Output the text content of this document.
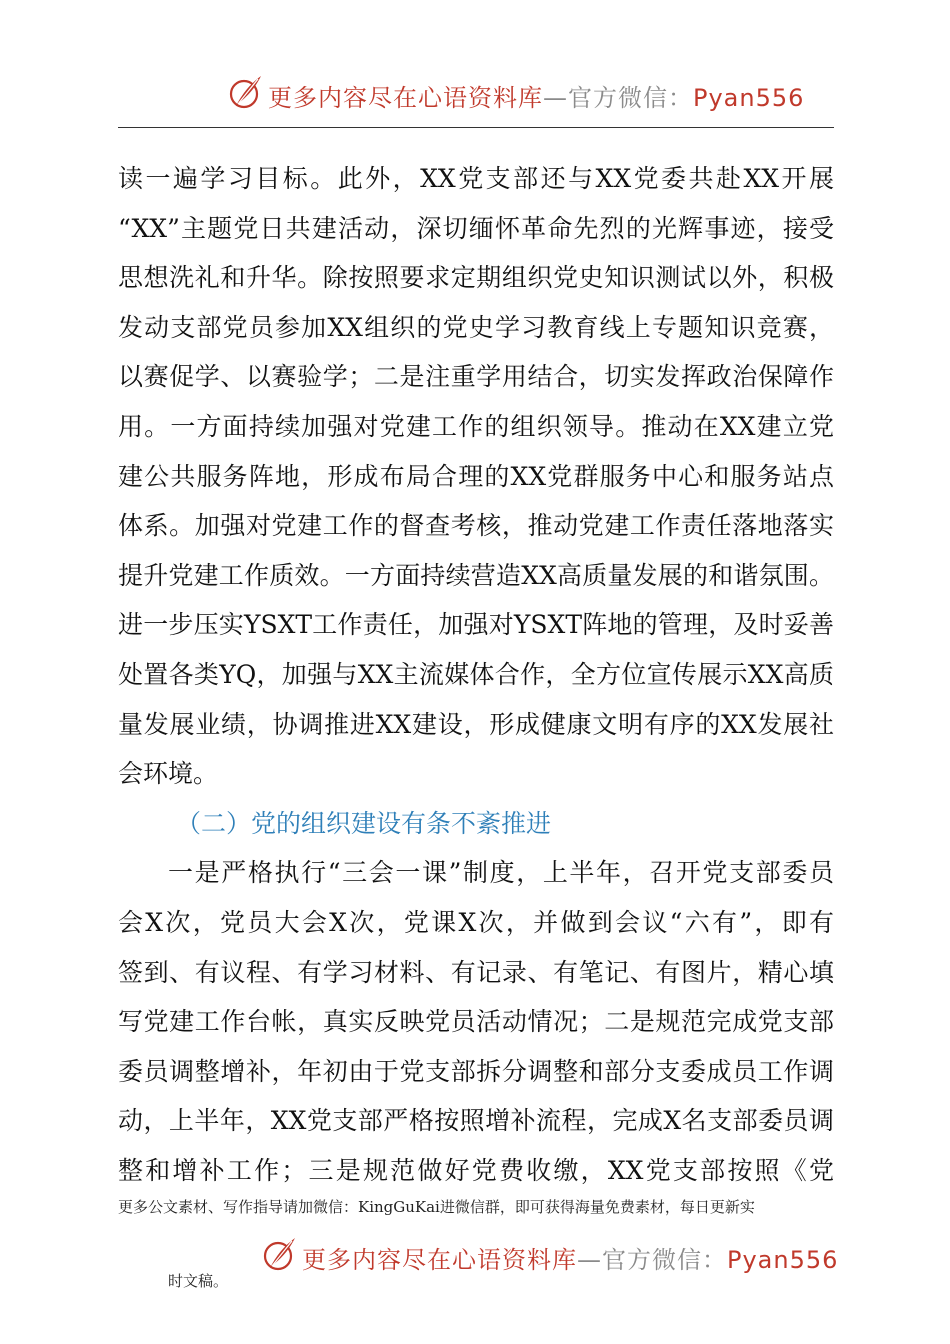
更多内容尽在心语资料库—官方微信：Pyan556
读一遍学习目标。此外，XX党支部还与XX党委共赴XX开展
“XX”主题党日共建活动，深切缅怀革命先烈的光辉事迹，接受
思想洗礼和升华。除按照要求定期组织党史知识测试以外，积极
发动支部党员参加XX组织的党史学习教育线上专题知识竞赛，
以赛促学、以赛验学；二是注重学用结合，切实发挥政治保障作
用。一方面持续加强对党建工作的组织领导。推动在XX建立党
建公共服务阵地，形成布局合理的XX党群服务中心和服务站点
体系。加强对党建工作的督查考核，推动党建工作责任落地落实
提升党建工作质效。一方面持续营造XX高质量发展的和谐氛围。
进一步压实YSXT工作责任，加强对YSXT阵地的管理，及时妥善
处置各类YQ，加强与XX主流媒体合作，全方位宣传展示XX高质
量发展业绩，协调推进XX建设，形成健康文明有序的XX发展社
会环境。
（二）党的组织建设有条不紊推进
一是严格执行“三会一课”制度，上半年，召开党支部委员
会X次，党员大会X次，党课X次，并做到会议“六有”，即有
签到、有议程、有学习材料、有记录、有笔记、有图片，精心填
写党建工作台帐，真实反映党员活动情况；二是规范完成党支部
委员调整增补，年初由于党支部拆分调整和部分支委成员工作调
动，上半年，XX党支部严格按照增补流程，完成X名支部委员调
整和增补工作；三是规范做好党费收缴，XX党支部按照《党
更多公文素材、写作指导请加微信：KingGuKai进微信群，即可获得海量免费素材，每日更新实
更多内容尽在心语资料库—官方微信：Pyan556
时文稿。
